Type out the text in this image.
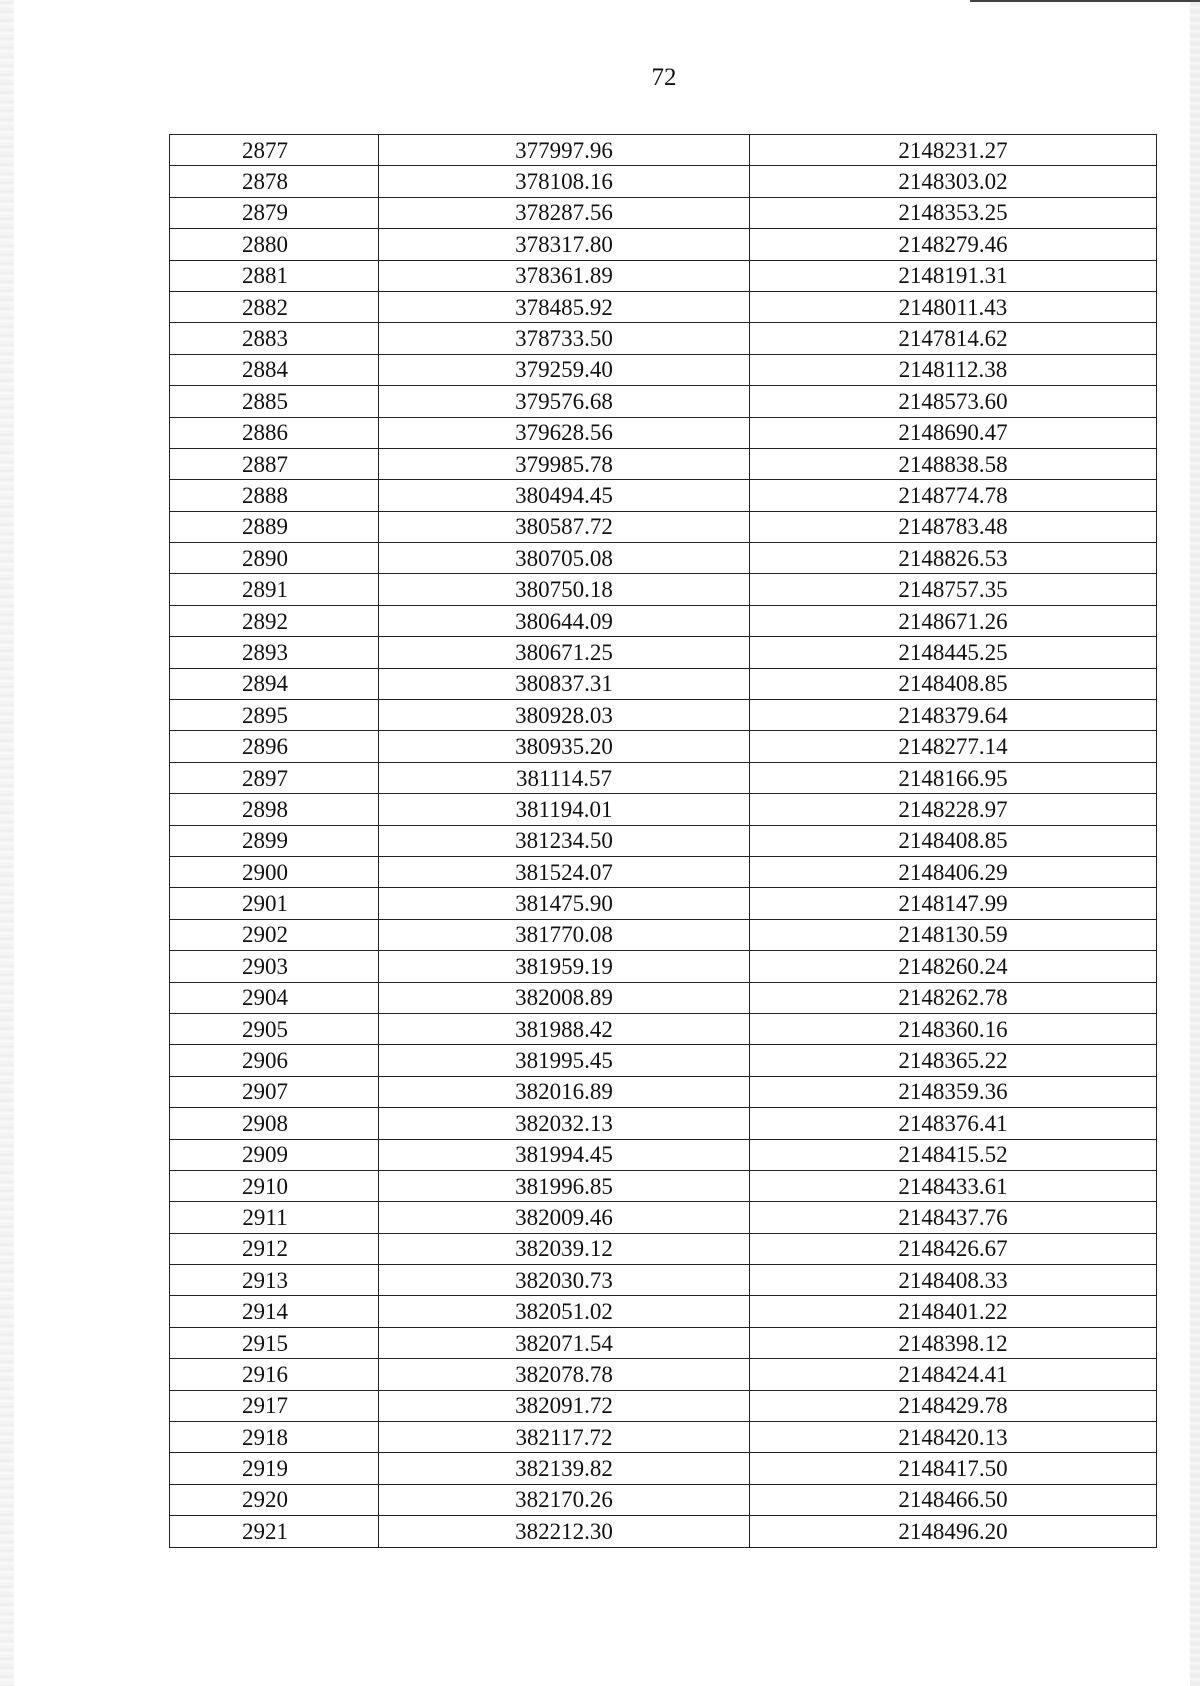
72
2877	377997.96	2148231.27
2878	378108.16	2148303.02
2879	378287.56	2148353.25
2880	378317.80	2148279.46
2881	378361.89	2148191.31
2882	378485.92	2148011.43
2883	378733.50	2147814.62
2884	379259.40	2148112.38
2885	379576.68	2148573.60
2886	379628.56	2148690.47
2887	379985.78	2148838.58
2888	380494.45	2148774.78
2889	380587.72	2148783.48
2890	380705.08	2148826.53
2891	380750.18	2148757.35
2892	380644.09	2148671.26
2893	380671.25	2148445.25
2894	380837.31	2148408.85
2895	380928.03	2148379.64
2896	380935.20	2148277.14
2897	381114.57	2148166.95
2898	381194.01	2148228.97
2899	381234.50	2148408.85
2900	381524.07	2148406.29
2901	381475.90	2148147.99
2902	381770.08	2148130.59
2903	381959.19	2148260.24
2904	382008.89	2148262.78
2905	381988.42	2148360.16
2906	381995.45	2148365.22
2907	382016.89	2148359.36
2908	382032.13	2148376.41
2909	381994.45	2148415.52
2910	381996.85	2148433.61
2911	382009.46	2148437.76
2912	382039.12	2148426.67
2913	382030.73	2148408.33
2914	382051.02	2148401.22
2915	382071.54	2148398.12
2916	382078.78	2148424.41
2917	382091.72	2148429.78
2918	382117.72	2148420.13
2919	382139.82	2148417.50
2920	382170.26	2148466.50
2921	382212.30	2148496.20
